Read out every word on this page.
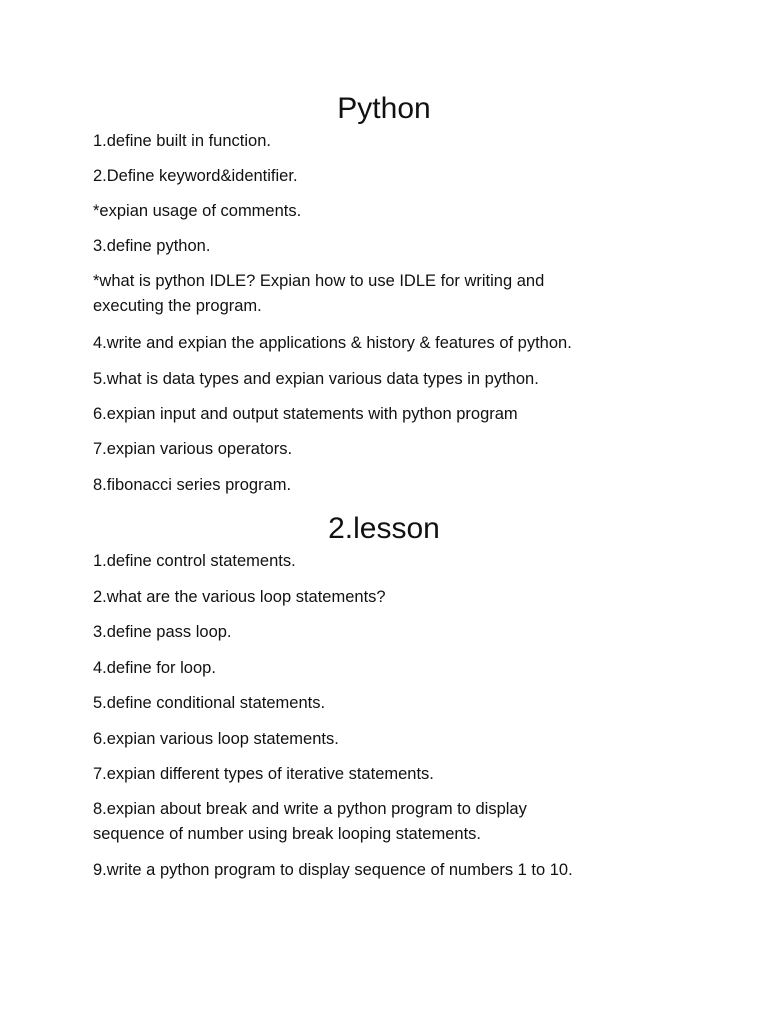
Python
1.define built in function.
2.Define keyword&identifier.
*expian usage of comments.
3.define python.
*what is python IDLE? Expian how to use IDLE for writing and
executing the program.
4.write and expian the applications & history & features of python.
5.what is data types and expian various data types in python.
6.expian input and output statements with python program
7.expian various operators.
8.fibonacci series program.
2.lesson
1.define control statements.
2.what are the various loop statements?
3.define pass loop.
4.define for loop.
5.define conditional statements.
6.expian various loop statements.
7.expian different types of iterative statements.
8.expian about break and write a python program to display
sequence of number using break looping statements.
9.write a python program to display sequence of numbers 1 to 10.
